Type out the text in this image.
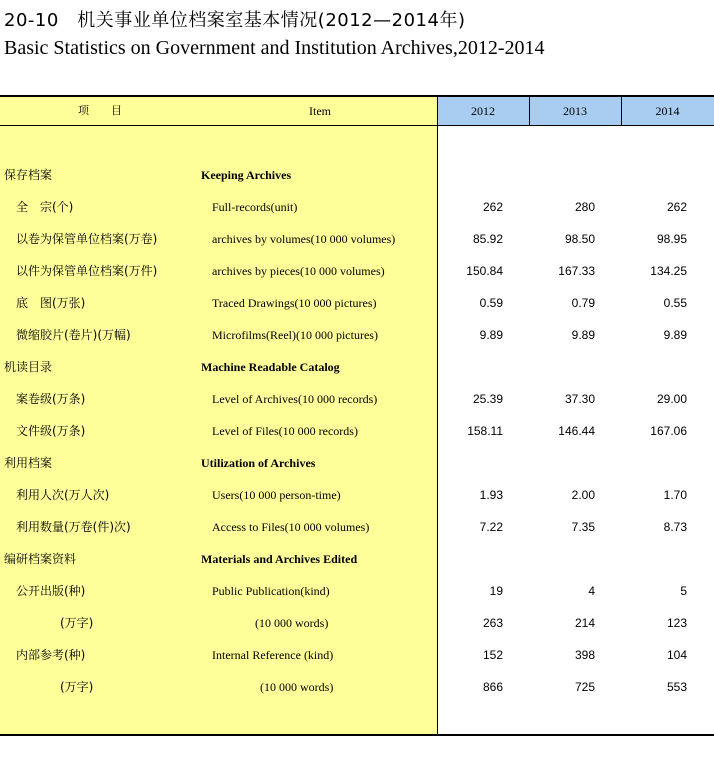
20-10　机关事业单位档案室基本情况(2012—2014年)
Basic Statistics on Government and Institution Archives,2012-2014
项　　目	Item	2012	2013	2014
保存档案	Keeping Archives
全　宗(个)	Full-records(unit)	262	280	262
以卷为保管单位档案(万卷)	archives by volumes(10 000 volumes)	85.92	98.50	98.95
以件为保管单位档案(万件)	archives by pieces(10 000 volumes)	150.84	167.33	134.25
底　图(万张)	Traced Drawings(10 000 pictures)	0.59	0.79	0.55
微缩胶片(卷片)(万幅)	Microfilms(Reel)(10 000 pictures)	9.89	9.89	9.89
机读目录	Machine Readable Catalog
案卷级(万条)	Level of Archives(10 000 records)	25.39	37.30	29.00
文件级(万条)	Level of Files(10 000 records)	158.11	146.44	167.06
利用档案	Utilization of Archives
利用人次(万人次)	Users(10 000 person-time)	1.93	2.00	1.70
利用数量(万卷(件)次)	Access to Files(10 000 volumes)	7.22	7.35	8.73
编研档案资料	Materials and Archives Edited
公开出版(种)	Public Publication(kind)	19	4	5
(万字)	(10 000 words)	263	214	123
内部参考(种)	Internal Reference (kind)	152	398	104
(万字)	(10 000 words)	866	725	553
